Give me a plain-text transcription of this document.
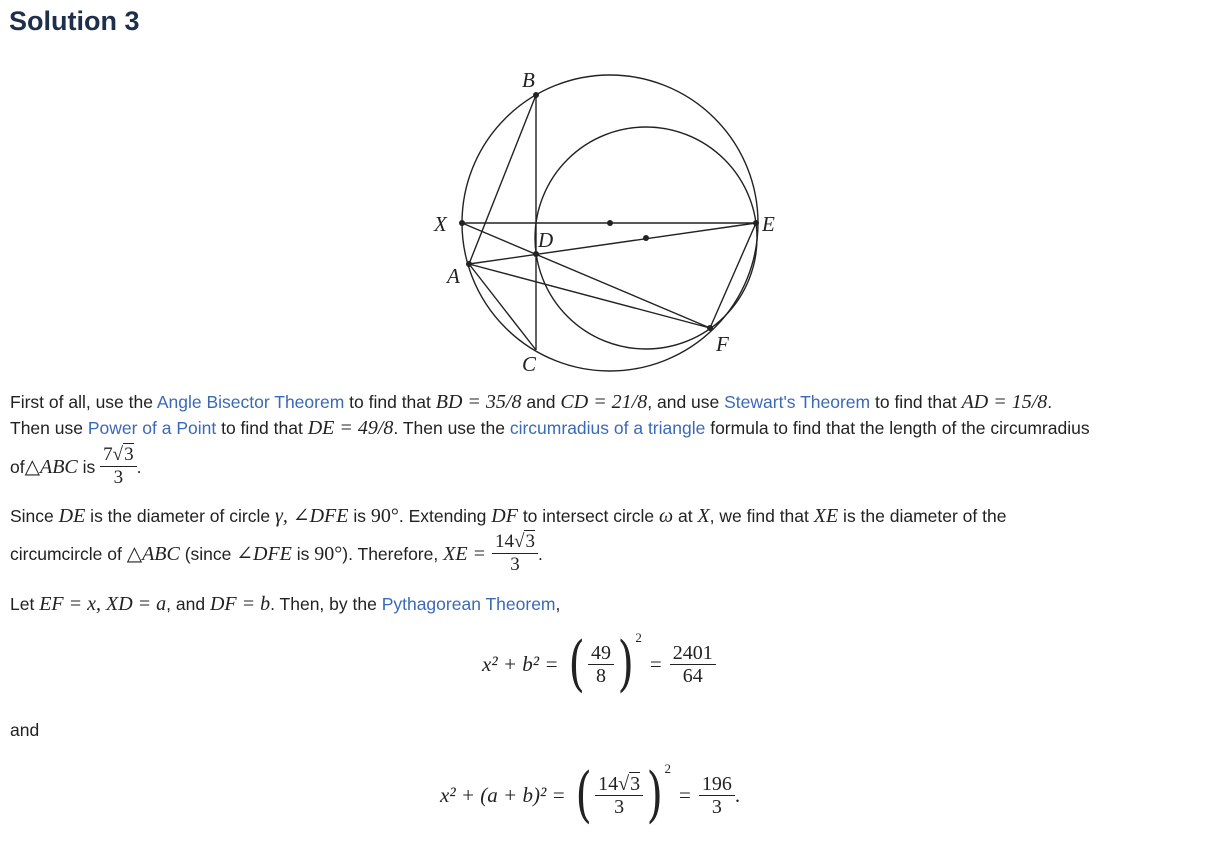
Solution 3
B
X
D
E
A
F
C

First of all, use the Angle Bisector Theorem to find that BD = 35/8 and CD = 21/8, and use Stewart's Theorem to find that AD = 15/8.
Then use Power of a Point to find that DE = 49/8. Then use the circumradius of a triangle formula to find that the length of the circumradius

of △ABC is $\frac{7√3}{3}$ .

Since DE is the diameter of circle γ, ∠DFE is 90°. Extending DF to intersect circle ω at X, we find that XE is the diameter of the

circumcircle of △ABC (since ∠DFE is 90° ). Therefore, XE = $\frac{14√3}{3}$ .

Let EF = x, XD = a, and DF = b. Then, by the Pythagorean Theorem,

x² + b² = ( $\frac{49}{8}$ ) 2
= $\frac{2401}{64}$
and
x² + (a + b)² = ( $\frac{14√3}{3}$ ) 2
= $\frac{196}{3}$ .
